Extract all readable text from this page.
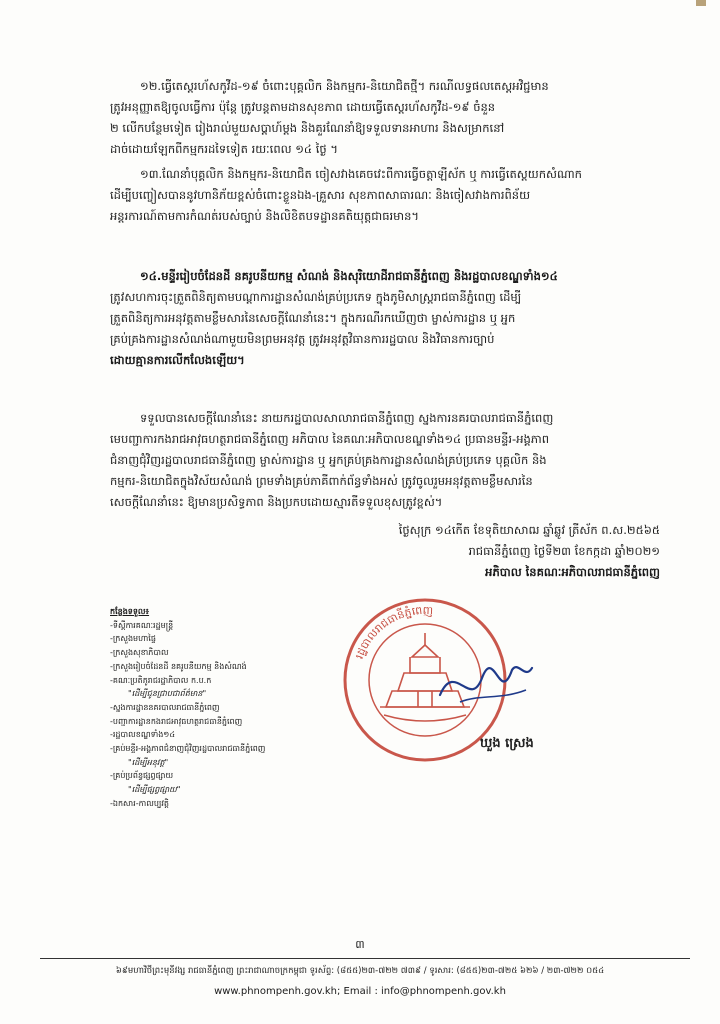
១២.ធ្វើតេស្តរហ័សកូវីដ-១៩ ចំពោះបុគ្គលិក និងកម្មករ-និយោជិតថ្មី។ ករណីលទ្ធផលតេស្តអវិជ្ជមាន

ត្រូវអនុញ្ញាតឱ្យចូលធ្វើការ ប៉ុន្តែ ត្រូវបន្តតាមដានសុខភាព ដោយធ្វើតេស្តរហ័សកូវីដ-១៩ ចំនួន

២ លើកបន្ថែមទៀត រៀងរាល់មួយសប្តាហ៍ម្តង និងគួរណែនាំឱ្យទទួលទានអាហារ និងសម្រាកនៅ

ដាច់ដោយឡែកពីកម្មករដទៃទៀត រយៈពេល ១៤ ថ្ងៃ ។

១៣.ណែនាំបុគ្គលិក និងកម្មករ-និយោជិត ចៀសវាងគេចវេះពីការធ្វើចត្តាឡីស័ក ឬ ការធ្វើតេស្តយកសំណាក

ដើម្បីបញ្ចៀសបាននូវហានិភ័យខ្ពស់ចំពោះខ្លួនឯង-គ្រួសារ សុខភាពសាធារណៈ និងចៀសវាងការពិន័យ

អន្តរការណ៍តាមការកំណត់របស់ច្បាប់ និងលិខិតបទដ្ឋានគតិយុត្តជាធរមាន។

១៤.មន្ទីររៀបចំដែនដី នគរូបនីយកម្ម សំណង់ និងសុរិយោដីរាជធានីភ្នំពេញ និងរដ្ឋបាលខណ្ឌទាំង១៤

ត្រូវសហការចុះត្រួតពិនិត្យតាមបណ្តាការដ្ឋានសំណង់គ្រប់ប្រភេទ ក្នុងភូមិសាស្ត្ររាជធានីភ្នំពេញ ដើម្បី

ត្រួតពិនិត្យការអនុវត្តតាមខ្លឹមសារនៃសេចក្តីណែនាំនេះ។ ក្នុងករណីរកឃើញថា ម្ចាស់ការដ្ឋាន ឬ អ្នក

គ្រប់គ្រងការដ្ឋានសំណង់ណាមួយមិនព្រមអនុវត្ត ត្រូវអនុវត្តវិធានការរដ្ឋបាល និងវិធានការច្បាប់

ដោយគ្មានការលើកលែងឡើយ។

ទទួលបានសេចក្តីណែនាំនេះ នាយករដ្ឋបាលសាលារាជធានីភ្នំពេញ ស្នងការនគរបាលរាជធានីភ្នំពេញ

មេបញ្ជាការកងរាជអាវុធហត្ថរាជធានីភ្នំពេញ អភិបាល នៃគណៈអភិបាលខណ្ឌទាំង១៤ ប្រធានមន្ទីរ-អង្គភាព

ជំនាញជុំវិញរដ្ឋបាលរាជធានីភ្នំពេញ ម្ចាស់ការដ្ឋាន ឬ អ្នកគ្រប់គ្រងការដ្ឋានសំណង់គ្រប់ប្រភេទ បុគ្គលិក និង

កម្មករ-និយោជិតក្នុងវិស័យសំណង់ ព្រមទាំងគ្រប់ភាគីពាក់ព័ន្ធទាំងអស់ ត្រូវចូលរួមអនុវត្តតាមខ្លឹមសារនៃ

សេចក្តីណែនាំនេះ ឱ្យមានប្រសិទ្ធភាព និងប្រកបដោយស្មារតីទទួលខុសត្រូវខ្ពស់។

ថ្ងៃសុក្រ ១៤កើត ខែទុតិយាសាឍ ឆ្នាំឆ្លូវ ត្រីស័ក ព.ស.២៥៦៥

រាជធានីភ្នំពេញ ថ្ងៃទី២៣ ខែកក្កដា ឆ្នាំ២០២១

អភិបាល នៃគណៈអភិបាលរាជធានីភ្នំពេញ

រដ្ឋបាលរាជធានីភ្នំពេញ
ឃួង ស្រេង
កន្លែងទទួល៖
-ទីស្តីការគណៈរដ្ឋមន្ត្រី
-ក្រសួងមហាផ្ទៃ
-ក្រសួងសុខាភិបាល
-ក្រសួងរៀបចំដែនដី នគរូបនីយកម្ម និងសំណង់
-គណៈប្រតិភូរាជរដ្ឋាភិបាល ក.ប.ក
"ដើម្បីជូនជ្រាបជាព័ត៌មាន"
-ស្នងការដ្ឋាននគរបាលរាជធានីភ្នំពេញ
-បញ្ជាការដ្ឋានកងរាជអាវុធហត្ថរាជធានីភ្នំពេញ
-រដ្ឋបាលខណ្ឌទាំង១៤
-គ្រប់មន្ទីរ-អង្គភាពជំនាញជុំវិញរដ្ឋបាលរាជធានីភ្នំពេញ
"ដើម្បីអនុវត្ត"
-គ្រប់ប្រព័ន្ធផ្សព្វផ្សាយ
"ដើម្បីផ្សព្វផ្សាយ"
-ឯកសារ-កាលប្បវត្តិ
៣
៦៩មហាវិថីព្រះមុនីវង្ស រាជធានីភ្នំពេញ ព្រះរាជាណាចក្រកម្ពុជា ទូរស័ព្ទ: (៨៥៥)២៣-៧២២ ៧៣៩ / ទូរសារ: (៨៥៥)២៣-៧២៥ ៦២៦ / ២៣-៧២២ ០៥៤
www.phnompenh.gov.kh; Email : info@phnompenh.gov.kh
